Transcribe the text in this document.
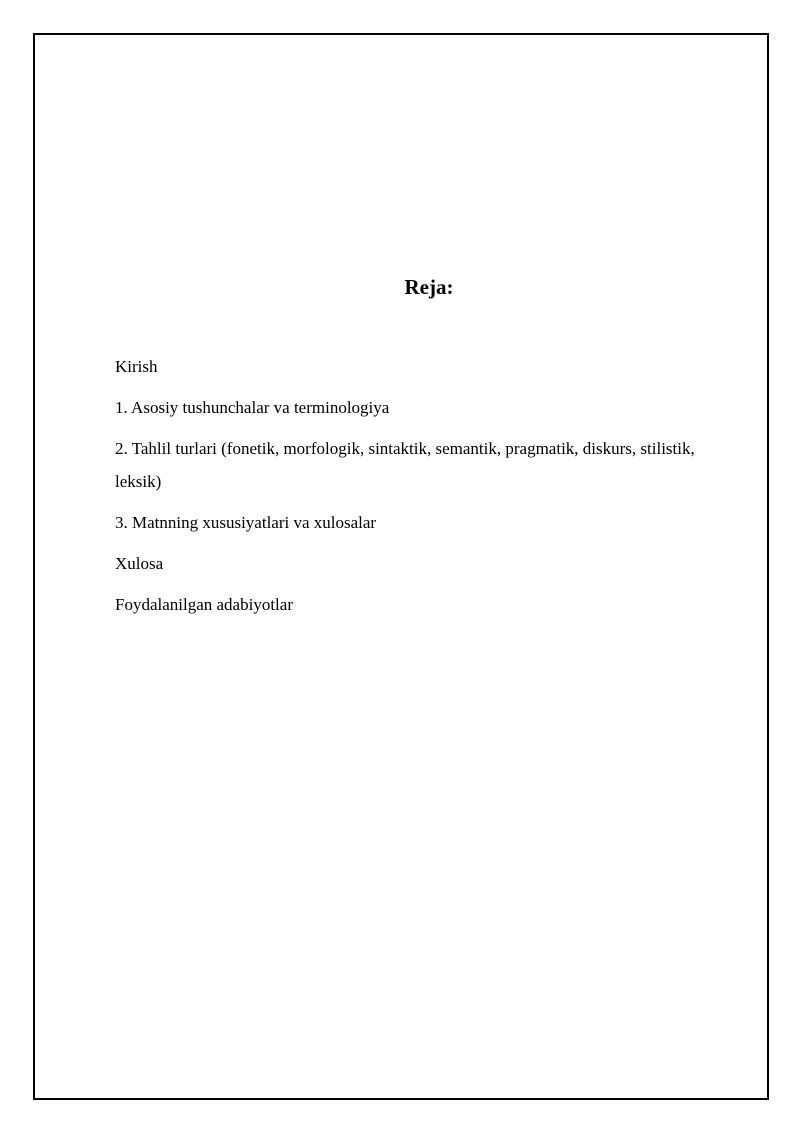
Reja:
Kirish
1. Asosiy tushunchalar va terminologiya
2. Tahlil turlari (fonetik, morfologik, sintaktik, semantik, pragmatik, diskurs, stilistik, leksik)
3. Matnning xususiyatlari va xulosalar
Xulosa
Foydalanilgan adabiyotlar
